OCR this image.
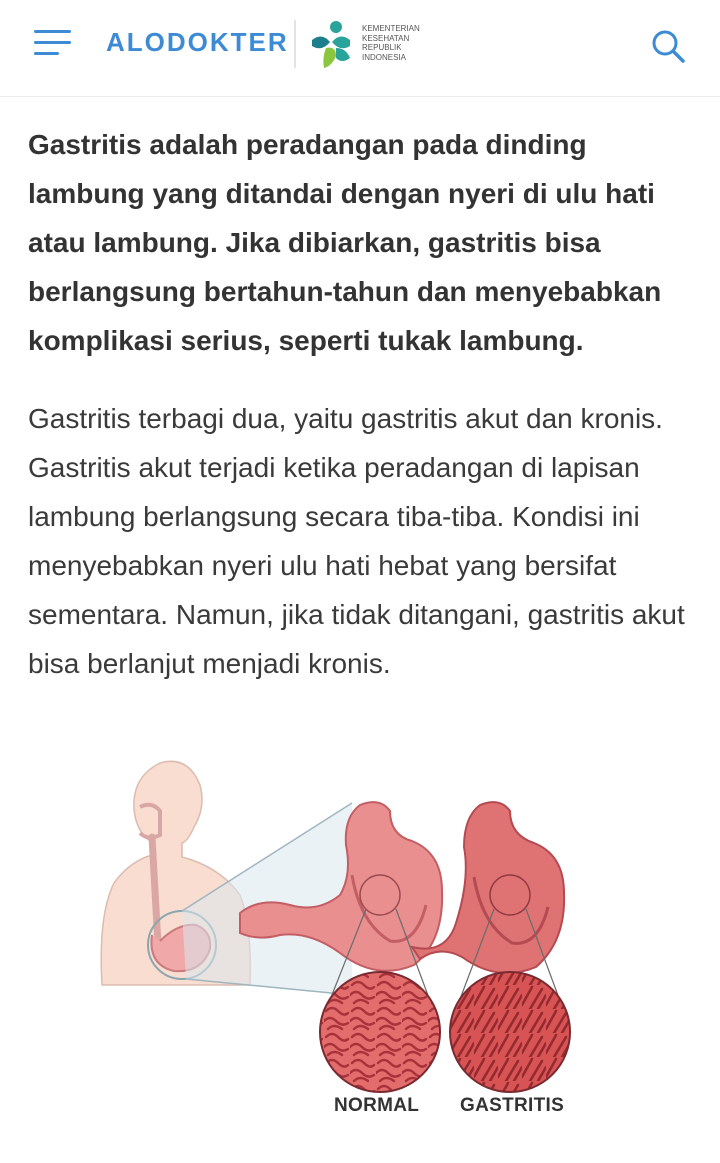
ALODOKTER	KEMENTERIAN
KESEHATAN
REPUBLIK
INDONESIA

Gastritis adalah peradangan pada dinding lambung yang ditandai dengan nyeri di ulu hati atau lambung. Jika dibiarkan, gastritis bisa berlangsung bertahun-tahun dan menyebabkan komplikasi serius, seperti tukak lambung.

Gastritis terbagi dua, yaitu gastritis akut dan kronis. Gastritis akut terjadi ketika peradangan di lapisan lambung berlangsung secara tiba-tiba. Kondisi ini menyebabkan nyeri ulu hati hebat yang bersifat sementara. Namun, jika tidak ditangani, gastritis akut bisa berlanjut menjadi kronis.

NORMAL GASTRITIS
